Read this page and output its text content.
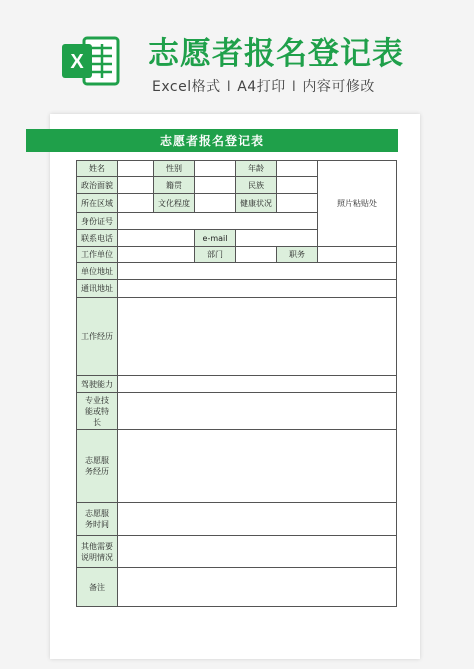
X 志愿者报名登记表
Excel格式 I A4打印 I 内容可修改
志愿者报名登记表
姓名	性别	年龄
照片粘贴处
政治面貌	籍贯	民族
所在区域	文化程度	健康状况
身份证号
联系电话	e-mail
工作单位	部门	职务
单位地址
通讯地址
工作经历
驾驶能力
专业技能或特长
志愿服务经历
志愿服务时间
其他需要说明情况
备注
